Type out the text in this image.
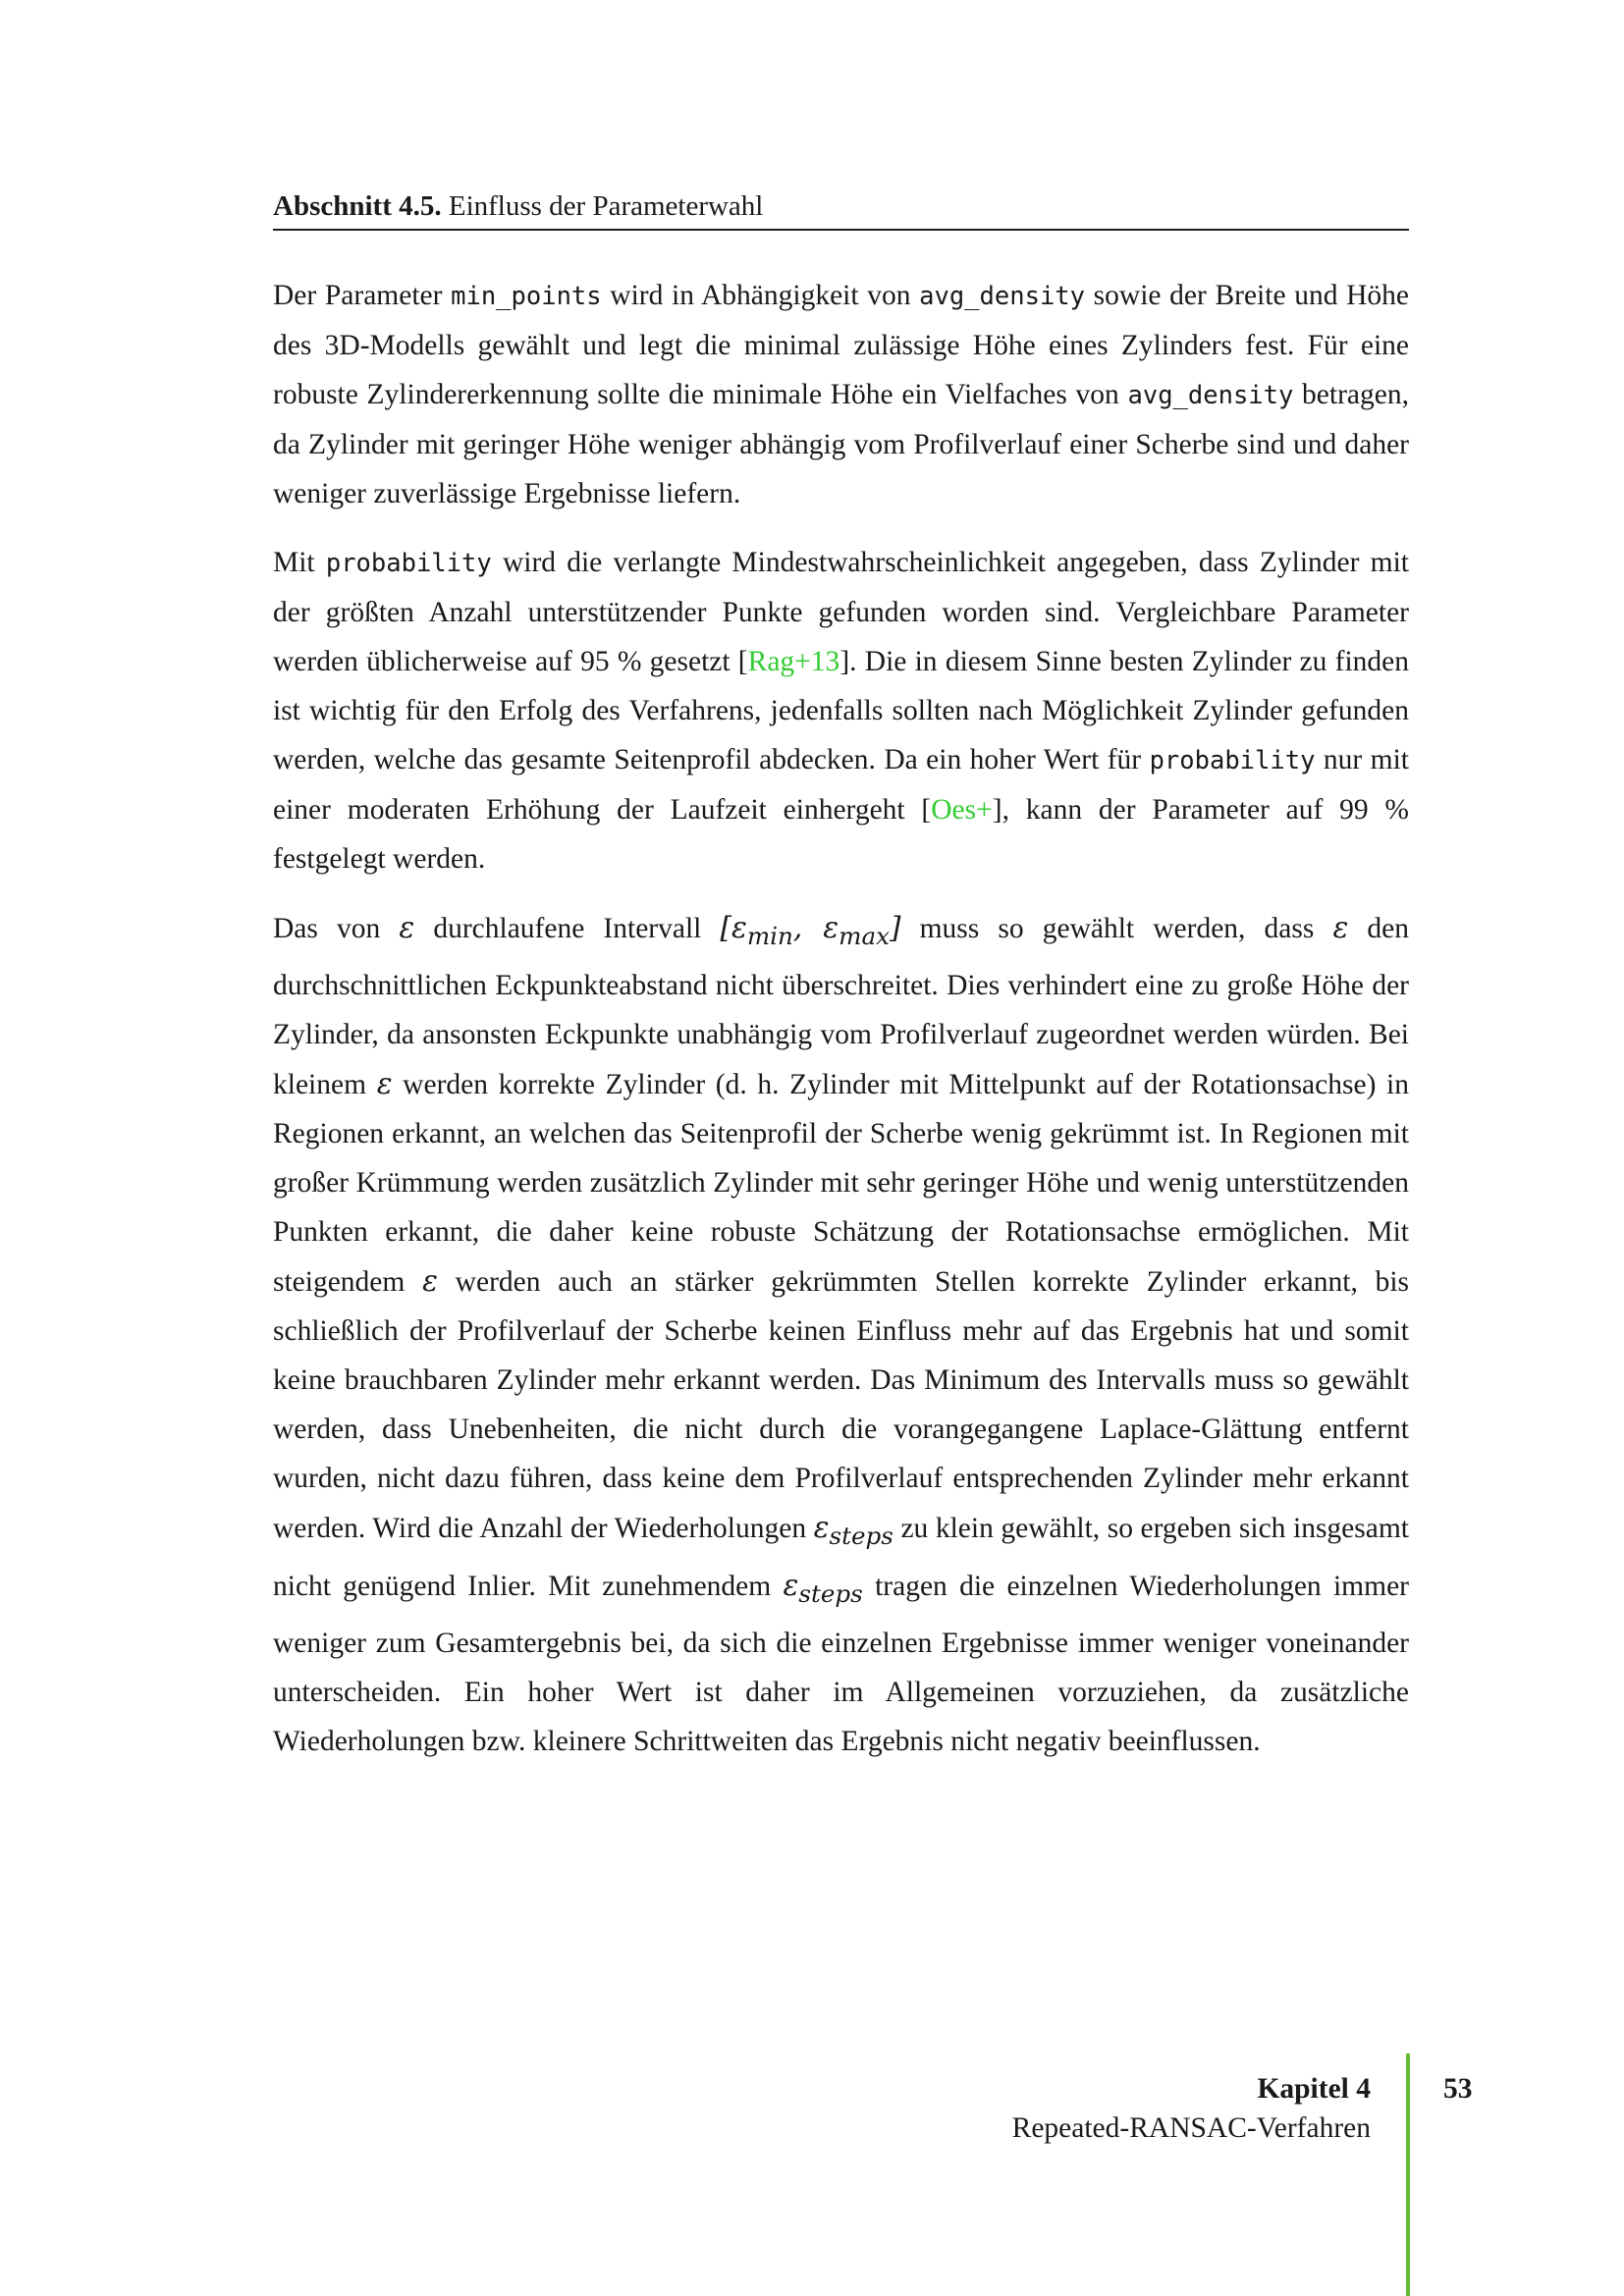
Abschnitt 4.5. Einfluss der Parameterwahl

Der Parameter min_points wird in Abhängigkeit von avg_density sowie der Breite und Höhe des 3D-Modells gewählt und legt die minimal zulässige Höhe eines Zylinders fest. Für eine robuste Zylindererkennung sollte die minimale Höhe ein Vielfaches von avg_density betragen, da Zylinder mit geringer Höhe weniger abhängig vom Profilverlauf einer Scherbe sind und daher weniger zuverlässige Ergebnisse liefern.

Mit probability wird die verlangte Mindestwahrscheinlichkeit angegeben, dass Zylinder mit der größten Anzahl unterstützender Punkte gefunden worden sind. Vergleichbare Parameter werden üblicherweise auf 95 % gesetzt [Rag+13]. Die in diesem Sinne besten Zylinder zu finden ist wichtig für den Erfolg des Verfahrens, jedenfalls sollten nach Möglichkeit Zylinder gefunden werden, welche das gesamte Seitenprofil abdecken. Da ein hoher Wert für probability nur mit einer moderaten Erhöhung der Laufzeit einhergeht [Oes+], kann der Parameter auf 99 % festgelegt werden.

Das von ε durchlaufene Intervall [$\varepsilon_{min}$, $\varepsilon_{max}$] muss so gewählt werden, dass ε den durchschnittlichen Eckpunkteabstand nicht überschreitet. Dies verhindert eine zu große Höhe der Zylinder, da ansonsten Eckpunkte unabhängig vom Profilverlauf zugeordnet werden würden. Bei kleinem ε werden korrekte Zylinder (d. h. Zylinder mit Mittelpunkt auf der Rotationsachse) in Regionen erkannt, an welchen das Seitenprofil der Scherbe wenig gekrümmt ist. In Regionen mit großer Krümmung werden zusätzlich Zylinder mit sehr geringer Höhe und wenig unterstützenden Punkten erkannt, die daher keine robuste Schätzung der Rotationsachse ermöglichen. Mit steigendem ε werden auch an stärker gekrümmten Stellen korrekte Zylinder erkannt, bis schließlich der Profilverlauf der Scherbe keinen Einfluss mehr auf das Ergebnis hat und somit keine brauchbaren Zylinder mehr erkannt werden. Das Minimum des Intervalls muss so gewählt werden, dass Unebenheiten, die nicht durch die vorangegangene Laplace-Glättung entfernt wurden, nicht dazu führen, dass keine dem Profilverlauf entsprechenden Zylinder mehr erkannt werden. Wird die Anzahl der Wiederholungen $\varepsilon_{steps}$ zu klein gewählt, so ergeben sich insgesamt nicht genügend Inlier. Mit zunehmendem $\varepsilon_{steps}$ tragen die einzelnen Wiederholungen immer weniger zum Gesamtergebnis bei, da sich die einzelnen Ergebnisse immer weniger voneinander unterscheiden. Ein hoher Wert ist daher im Allgemeinen vorzuziehen, da zusätzliche Wiederholungen bzw. kleinere Schrittweiten das Ergebnis nicht negativ beeinflussen.

Kapitel 4
Repeated-RANSAC-Verfahren
53
